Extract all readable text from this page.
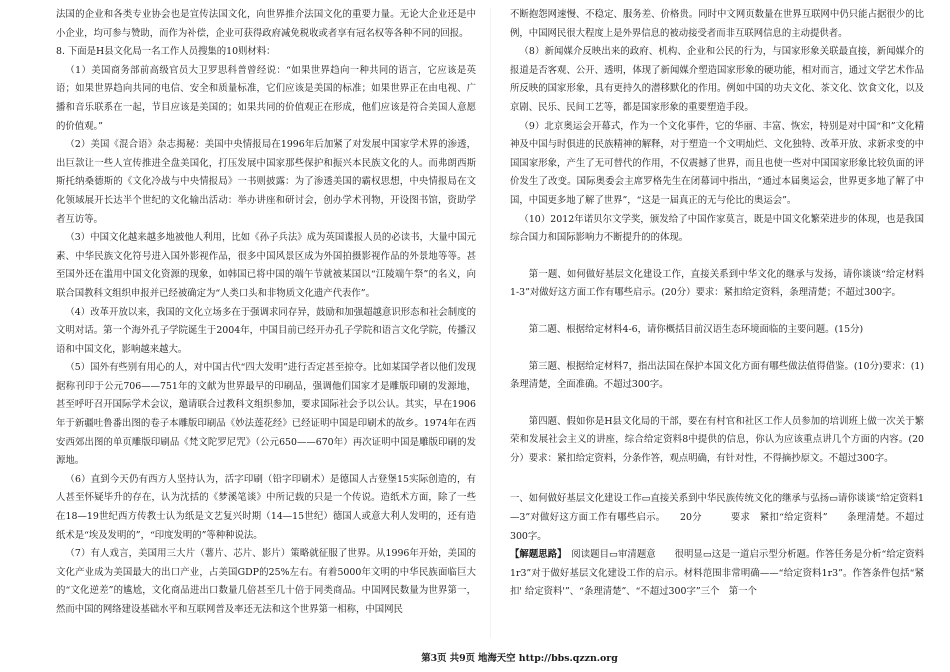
法国的企业和各类专业协会也是宣传法国文化，向世界推介法国文化的重要力量。无论大企业还是中小企业，均可参与赞助，而作为补偿，企业可获得政府减免税收或者享有冠名权等各种不同的回报。

8. 下面是H县文化局一名工作人员搜集的10则材料：

（1）美国商务部前高级官员大卫罗思科普曾经说：“如果世界趋向一种共同的语言，它应该是英语；如果世界趋向共同的电信、安全和质量标准，它们应该是美国的标准；如果世界正在由电视、广播和音乐联系在一起，节目应该是美国的；如果共同的价值观正在形成，他们应该是符合美国人意愿的价值观。”

（2）美国《混合语》杂志揭秘：美国中央情报局在1996年后加紧了对发展中国家学术界的渗透，出巨款让一些人宣传推进全盘美国化，打压发展中国家那些保护和振兴本民族文化的人。而弗朗西斯斯托纳桑德斯的《文化冷战与中央情报局》一书则披露：为了渗透美国的霸权思想，中央情报局在文化领域展开长达半个世纪的文化输出活动：举办讲座和研讨会，创办学术刊物，开设图书馆，资助学者互访等。

（3）中国文化越来越多地被他人利用，比如《孙子兵法》成为英国谍报人员的必读书，大量中国元素、中华民族文化符号进入国外影视作品，很多中国风景区成为外国拍摄影视作品的外景地等等。甚至国外还在滥用中国文化资源的现象，如韩国已将中国的端午节就被某国以“江陵端午祭”的名义，向联合国教科文组织申报并已经被确定为“人类口头和非物质文化遗产代表作”。

（4）改革开放以来，我国的文化立场多在于强调求同存异，鼓励和加强超越意识形态和社会制度的文明对话。第一个海外孔子学院诞生于2004年，中国目前已经开办孔子学院和语言文化学院，传播汉语和中国文化，影响越来越大。

（5）国外有些别有用心的人，对中国古代“四大发明”进行否定甚至掠夺。比如某国学者以他们发现据称刊印于公元706——751年的文献为世界最早的印刷品，强调他们国家才是雕版印刷的发源地，甚至呼吁召开国际学术会议，邀请联合过教科文组织参加，要求国际社会予以公认。其实，早在1906年于新疆吐鲁番出图的卷子本雕版印刷品《妙法莲花经》已经证明中国是印刷术的故乡。1974年在西安西郊出图的单页雕版印刷品《梵文陀罗尼咒》（公元650——670年）再次证明中国是雕版印刷的发源地。

（6）直到今天仍有西方人坚持认为，活字印刷（铅字印刷术）是德国人古登堡15实际创造的，有人甚至怀疑毕升的存在，认为沈括的《梦溪笔谈》中所记载的只是一个传说。造纸术方面，除了一些在18—19世纪西方传教士认为纸是文艺复兴时期（14—15世纪）德国人或意大利人发明的，还有造纸术是“埃及发明的”，“印度发明的”等种种说法。

（7）有人戏言，美国用三大片（薯片、芯片、影片）策略就征服了世界。从1996年开始，美国的文化产业成为美国最大的出口产业，占美国GDP的25%左右。有着5000年文明的中华民族面临巨大的“文化逆差”的尴尬，文化商品进出口数量几倍甚至几十倍于同类商品。中国网民数量为世界第一，然而中国的网络建设基础水平和互联网普及率还无法和这个世界第一相称，中国网民

不断抱怨网速慢、不稳定、服务差、价格贵。同时中文网页数量在世界互联网中仍只能占据很少的比例，中国网民很大程度上是外界信息的被动接受者而非互联网信息的主动提供者。

（8）新闻媒介反映出来的政府、机构、企业和公民的行为，与国家形象关联最直接，新闻媒介的报道是否客观、公开、透明，体现了新闻媒介塑造国家形象的硬功能，相对而言，通过文学艺术作品所反映的国家形象，具有更持久的潜移默化的作用。例如中国的功夫文化、茶文化、饮食文化，以及京剧、民乐、民间工艺等，都是国家形象的重要塑造手段。

（9）北京奥运会开幕式，作为一个文化事件，它的华丽、丰富、恢宏，特别是对中国“和”文化精神及中国与时俱进的民族精神的解释，对于塑造一个文明灿烂、文化独特、改革开放、求新求变的中国国家形象，产生了无可替代的作用，不仅震撼了世界，而且也使一些对中国国家形象比较负面的评价发生了改变。国际奥委会主席罗格先生在闭幕词中指出，“通过本届奥运会，世界更多地了解了中国，中国更多地了解了世界”，“这是一届真正的无与伦比的奥运会”。

（10）2012年诺贝尔文学奖，颁发给了中国作家莫言，既是中国文化繁荣进步的体现，也是我国综合国力和国际影响力不断提升的的体现。

第一题、如何做好基层文化建设工作，直接关系到中华文化的继承与发扬，请你谈谈“给定材料1-3”对做好这方面工作有哪些启示。(20分）要求：紧扣给定资料，条理清楚；不超过300字。

第二题、根据给定材料4-6，请你概括目前汉语生态环境面临的主要问题。(15分)

第三题、根据给定材料7，指出法国在保护本国文化方面有哪些做法值得借鉴。(10分)要求：(1) 条理清楚，全面准确。不超过300字。

第四题、假如你是H县文化局的干部，要在有村官和社区工作人员参加的培训班上做一次关于繁荣和发展社会主义的讲座，综合给定资料8中提供的信息，你认为应该重点讲几个方面的内容。(20分）要求：紧扣给定资料，分条作答，观点明确，有针对性，不得摘抄原文。不超过300字。

一、如何做好基层文化建设工作▭直接关系到中华民族传统文化的继承与弘扬▭请你谈谈“给定资料1—3”对做好这方面工作有哪些启示。　　20分　　　要求　紧扣“给定资料”　　条理清楚。不超过300字。

【解题思路】　阅读题目▭审清题意　　很明显▭这是一道启示型分析题。作答任务是分析“给定资料1r3”对于做好基层文化建设工作的启示。材料范围非常明确——“给定资料1r3”。作答条件包括“紧扣' 给定资料'”、“条理清楚”、“不超过300字”三个　第一个

第3页 共9页 地海天空 http://bbs.qzzn.org
